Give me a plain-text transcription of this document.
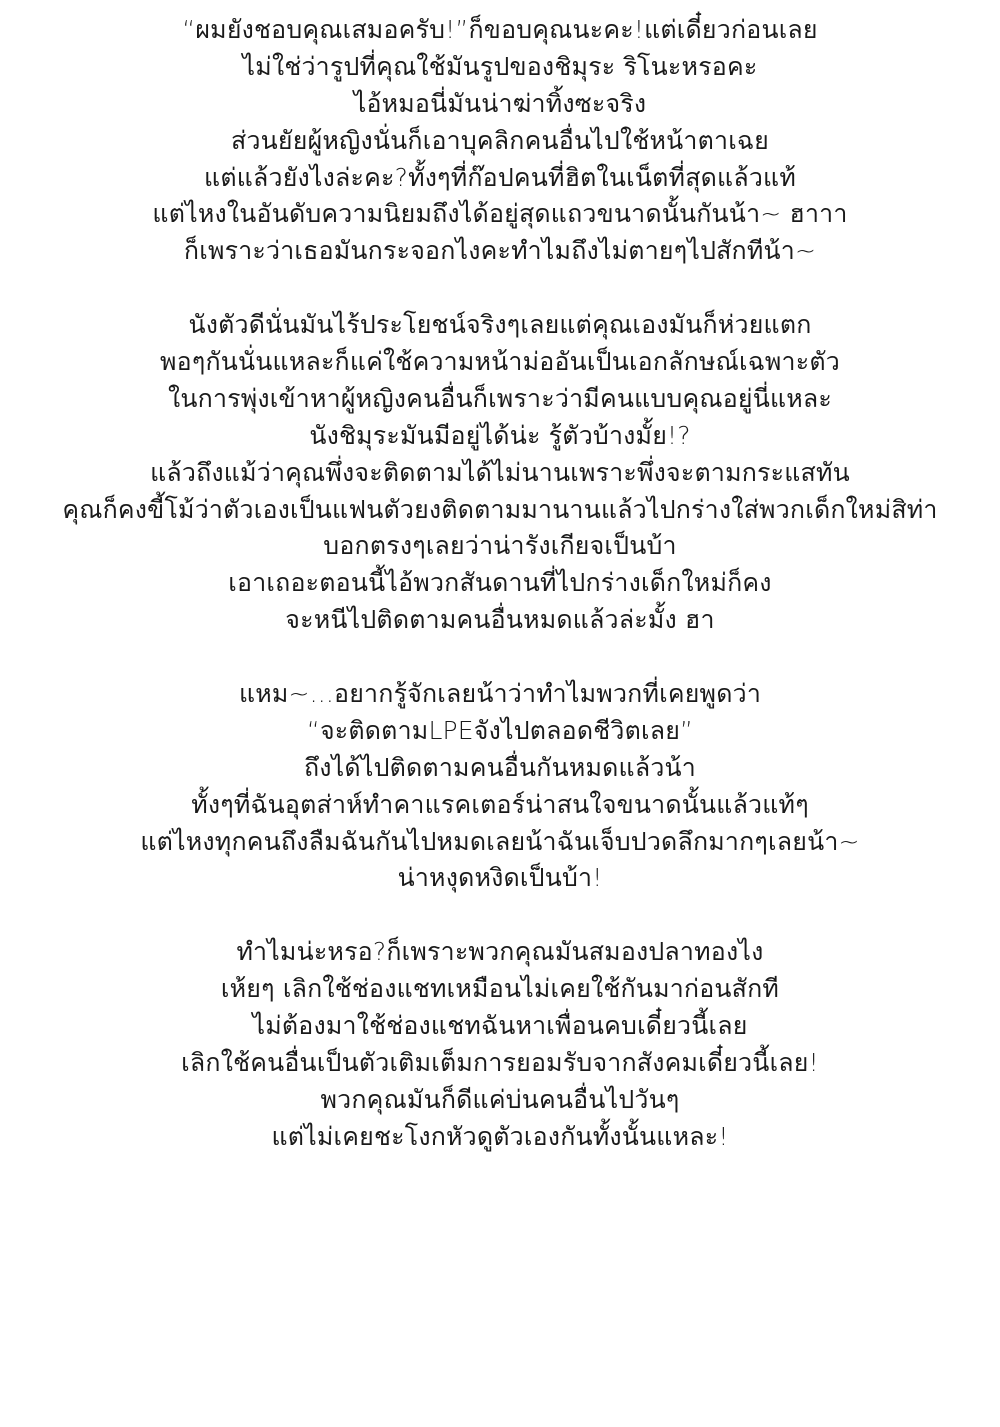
“ผมยังชอบคุณเสมอครับ!”ก็ขอบคุณนะคะ!แต่เดี๋ยวก่อนเลย
ไม่ใช่ว่ารูปที่คุณใช้มันรูปของชิมุระ ริโนะหรอคะ
ไอ้หมอนี่มันน่าฆ่าทิ้งซะจริง
ส่วนยัยผู้หญิงนั่นก็เอาบุคลิกคนอื่นไปใช้หน้าตาเฉย
แต่แล้วยังไงล่ะคะ?ทั้งๆที่ก๊อปคนที่ฮิตในเน็ตที่สุดแล้วแท้
แต่ไหงในอันดับความนิยมถึงได้อยู่สุดแถวขนาดนั้นกันน้า~ ฮาาา
ก็เพราะว่าเธอมันกระจอกไงคะทำไมถึงไม่ตายๆไปสักทีน้า~
นังตัวดีนั่นมันไร้ประโยชน์จริงๆเลยแต่คุณเองมันก็ห่วยแตก
พอๆกันนั่นแหละก็แค่ใช้ความหน้าม่ออันเป็นเอกลักษณ์เฉพาะตัว
ในการพุ่งเข้าหาผู้หญิงคนอื่นก็เพราะว่ามีคนแบบคุณอยู่นี่แหละ
นังชิมุระมันมีอยู่ได้น่ะ รู้ตัวบ้างมั้ย!?
แล้วถึงแม้ว่าคุณพึ่งจะติดตามได้ไม่นานเพราะพึ่งจะตามกระแสทัน
คุณก็คงขี้โม้ว่าตัวเองเป็นแฟนตัวยงติดตามมานานแล้วไปกร่างใส่พวกเด็กใหม่สิท่า
บอกตรงๆเลยว่าน่ารังเกียจเป็นบ้า
เอาเถอะตอนนี้ไอ้พวกสันดานที่ไปกร่างเด็กใหม่ก็คง
จะหนีไปติดตามคนอื่นหมดแล้วล่ะมั้ง ฮา
แหม~...อยากรู้จักเลยน้าว่าทำไมพวกที่เคยพูดว่า
“จะติดตามLPEจังไปตลอดชีวิตเลย”
ถึงได้ไปติดตามคนอื่นกันหมดแล้วน้า
ทั้งๆที่ฉันอุตส่าห์ทำคาแรคเตอร์น่าสนใจขนาดนั้นแล้วแท้ๆ
แต่ไหงทุกคนถึงลืมฉันกันไปหมดเลยน้าฉันเจ็บปวดลึกมากๆเลยน้า~
น่าหงุดหงิดเป็นบ้า!
ทำไมน่ะหรอ?ก็เพราะพวกคุณมันสมองปลาทองไง
เห้ยๆ เลิกใช้ช่องแชทเหมือนไม่เคยใช้กันมาก่อนสักที
ไม่ต้องมาใช้ช่องแชทฉันหาเพื่อนคบเดี๋ยวนี้เลย
เลิกใช้คนอื่นเป็นตัวเติมเต็มการยอมรับจากสังคมเดี๋ยวนี้เลย!
พวกคุณมันก็ดีแค่บ่นคนอื่นไปวันๆ
แต่ไม่เคยชะโงกหัวดูตัวเองกันทั้งนั้นแหละ!
